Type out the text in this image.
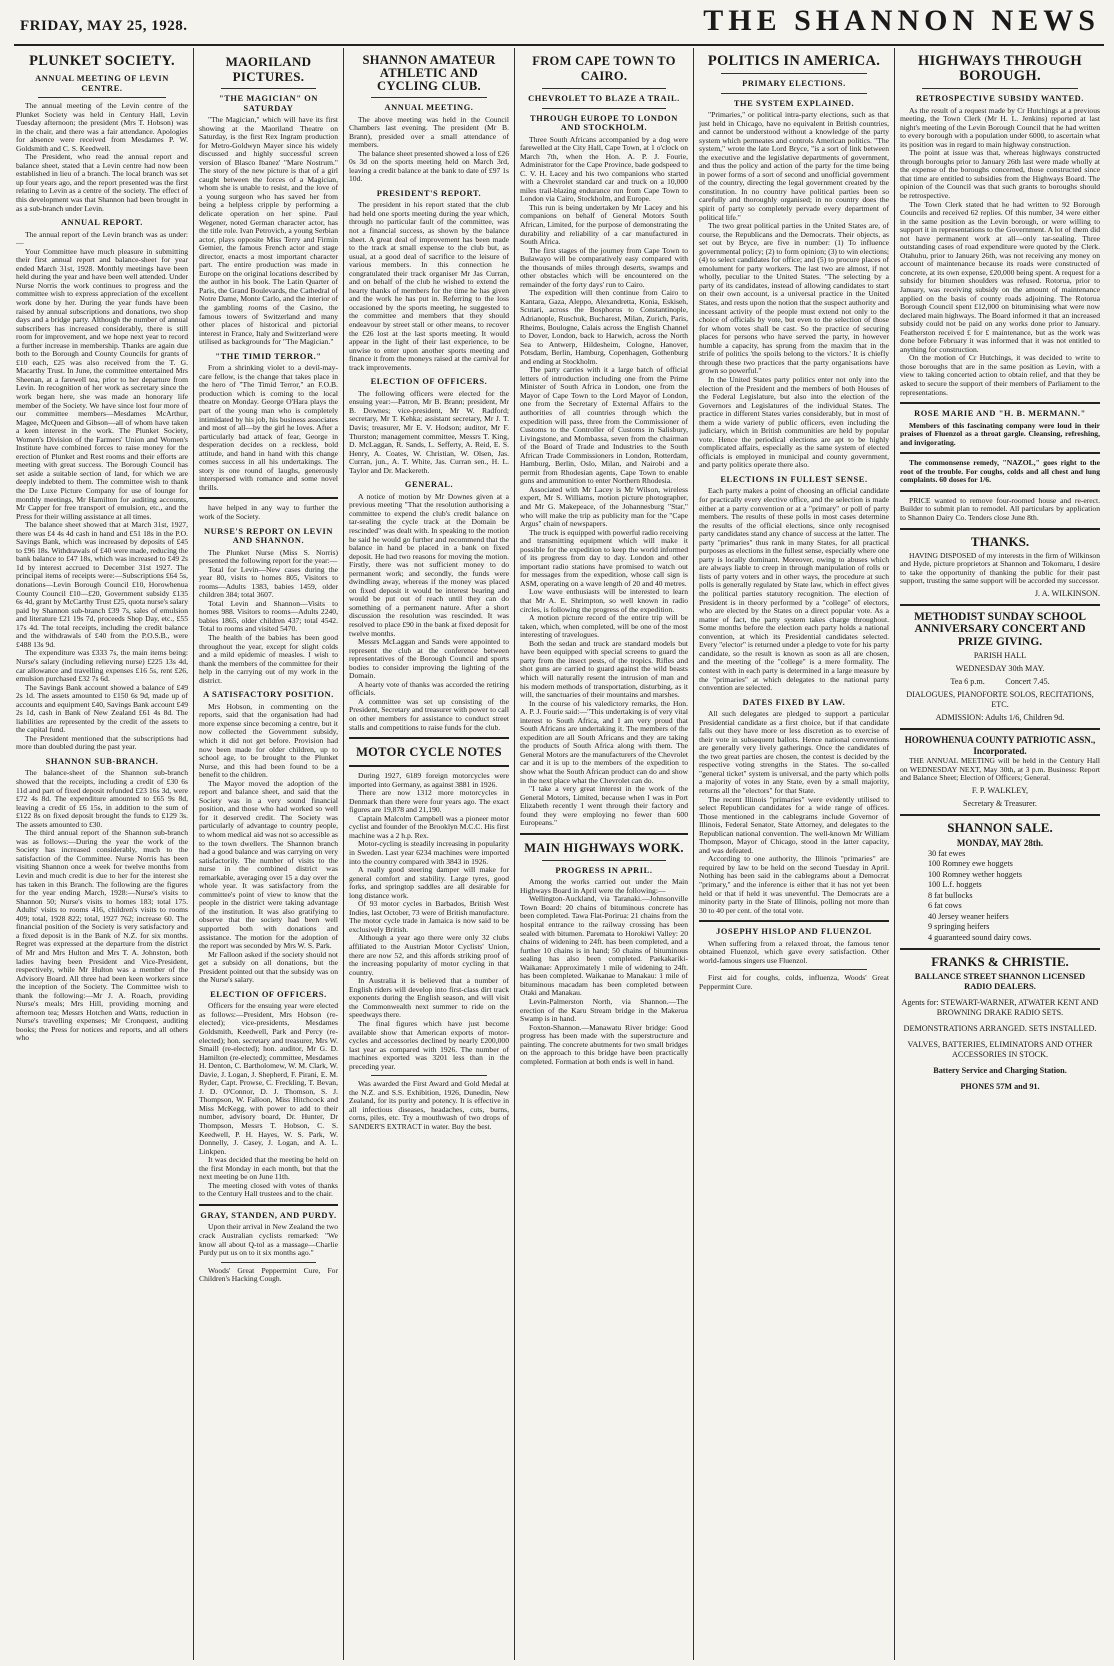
FRIDAY, MAY 25, 1928.	THE SHANNON NEWS
PLUNKET SOCIETY.
ANNUAL MEETING OF LEVIN CENTRE.

The annual meeting of the Levin centre of the Plunket Society was held in Century Hall, Levin Tuesday afternoon; the president (Mrs T. Hobson) was in the chair, and there was a fair attendance. Apologies for absence were received from Mesdames P. W. Goldsmith and C. S. Keedwell.

The President, who read the annual report and balance sheet, stated that a Levin centre had now been established in lieu of a branch. The local branch was set up four years ago, and the report presented was the first relating to Levin as a centre of the society. The effect of this development was that Shannon had been brought in as a sub-branch under Levin.

ANNUAL REPORT.

The annual report of the Levin branch was as under:—

Your Committee have much pleasure in submitting their first annual report and balance-sheet for year ended March 31st, 1928. Monthly meetings have been held during the year and have been well attended. Under Nurse Norris the work continues to progress and the committee wish to express appreciation of the excellent work done by her. During the year funds have been raised by annual subscriptions and donations, two shop days and a bridge party. Although the number of annual subscribers has increased considerably, there is still room for improvement, and we hope next year to record a further increase in membership. Thanks are again due both to the Borough and County Councils for grants of £10 each, £25 was also received from the T. G. Macarthy Trust. In June, the committee entertained Mrs Sheenan, at a farewell tea, prior to her departure from Levin. In recognition of her work as secretary since the work began here, she was made an honorary life member of the Society. We have since lost four more of our committee members—Mesdames McArthur, Magee, McQueen and Gibson—all of whom have taken a keen interest in the work. The Plunket Society, Women's Division of the Farmers' Union and Women's Institute have combined forces to raise money for the erection of Plunket and Rest rooms and their efforts are meeting with great success. The Borough Council has set aside a suitable section of land, for which we are deeply indebted to them. The committee wish to thank the De Luxe Picture Company for use of lounge for monthly meetings, Mr Hamilton for auditing accounts, Mr Capper for free transport of emulsion, etc., and the Press for their willing assistance at all times.

The balance sheet showed that at March 31st, 1927, there was £4 4s 4d cash in hand and £51 18s in the P.O. Savings Bank, which was increased by deposits of £45 to £96 18s. Withdrawals of £40 were made, reducing the bank balance to £47 18s, which was increased to £49 2s 1d by interest accrued to December 31st 1927. The principal items of receipts were:—Subscriptions £64 5s, donations—Levin Borough Council £10, Horowhenua County Council £10—£20, Government subsidy £135 6s 4d, grant by McCarthy Trust £25, quota nurse's salary paid by Shannon sub-branch £39 7s, sales of emulsion and literature £21 19s 7d, proceeds Shop Day, etc., £55 17s 4d. The total receipts, including the credit balance and the withdrawals of £40 from the P.O.S.B., were £488 13s 9d.

The expenditure was £333 7s, the main items being: Nurse's salary (including relieving nurse) £225 13s 4d, car allowance and travelling expenses £16 5s, rent £26, emulsion purchased £32 7s 6d.

The Savings Bank account showed a balance of £49 2s 1d. The assets amounted to £150 6s 9d, made up of accounts and equipment £40, Savings Bank account £49 2s 1d, cash in Bank of New Zealand £61 4s 8d. The liabilities are represented by the credit of the assets to the capital fund.

The President mentioned that the subscriptions had more than doubled during the past year.

SHANNON SUB-BRANCH.

The balance-sheet of the Shannon sub-branch showed that the receipts, including a credit of £30 6s 11d and part of fixed deposit refunded £23 16s 3d, were £72 4s 8d. The expenditure amounted to £65 9s 8d, leaving a credit of £6 15s, in addition to the sum of £122 8s on fixed deposit brought the funds to £129 3s. The assets amounted to £30.

The third annual report of the Shannon sub-branch was as follows:—During the year the work of the Society has increased considerably, much to the satisfaction of the Committee. Nurse Norris has been visiting Shannon once a week for twelve months from Levin and much credit is due to her for the interest she has taken in this Branch. The following are the figures for the year ending March, 1928:—Nurse's visits to Shannon 50; Nurse's visits to homes 183; total 175. Adults' visits to rooms 416, children's visits to rooms 409; total, 1928 822; total, 1927 762; increase 60. The financial position of the Society is very satisfactory and a fixed deposit is in the Bank of N.Z. for six months. Regret was expressed at the departure from the district of Mr and Mrs Hulton and Mrs T. A. Johnston, both ladies having been President and Vice-President, respectively, while Mr Hulton was a member of the Advisory Board. All three had been keen workers since the inception of the Society. The Committee wish to thank the following:—Mr J. A. Roach, providing Nurse's meals; Mrs Hill, providing morning and afternoon tea; Messrs Hotchen and Watts, reduction in Nurse's travelling expenses; Mr Cronquest, auditing books; the Press for notices and reports, and all others who

MAORILAND PICTURES.
"THE MAGICIAN" ON SATURDAY

"The Magician," which will have its first showing at the Maoriland Theatre on Saturday, is the first Rex Ingram production for Metro-Goldwyn Mayer since his widely discussed and highly successful screen version of Blasco Ibanez' "Mare Nostrum." The story of the new picture is that of a girl caught between the forces of a Magician, whom she is unable to resist, and the love of a young surgeon who has saved her from being a helpless cripple by performing a delicate operation on her spine. Paul Wegener, noted German character actor, has the title role. Ivan Petrovich, a young Serbian actor, plays opposite Miss Terry and Firmin Gemier, the famous French actor and stage director, enacts a most important character part. The entire production was made in Europe on the original locations described by the author in his book. The Latin Quarter of Paris, the Grand Boulevards, the Cathedral of Notre Dame, Monte Carlo, and the interior of the gambling rooms of the Casino, the famous towers of Switzerland and many other places of historical and pictorial interest in France, Italy and Switzerland were utilised as backgrounds for "The Magician."

"THE TIMID TERROR."

From a shrinking violet to a devil-may-care fellow, is the change that takes place in the hero of "The Timid Terror," an F.O.B. production which is coming to the local theatre on Monday. George O'Hara plays the part of the young man who is completely intimidated by his job, his business associates and most of all—by the girl he loves. After a particularly bad attack of fear, George in desperation decides on a reckless, bold attitude, and hand in hand with this change comes success in all his undertakings. The story is one round of laughs, generously interspersed with romance and some novel thrills.

have helped in any way to further the work of the Society.

NURSE'S REPORT ON LEVIN AND SHANNON.

The Plunket Nurse (Miss S. Norris) presented the following report for the year:—

Total for Levin—New cases during the year 80, visits to homes 805, Visitors to rooms—Adults 1383, babies 1459, older children 384; total 3607.

Total Levin and Shannon—Visits to homes 988. Visitors to rooms—Adults 2240, babies 1865, older children 437; total 4542. Total to rooms and visited 5470.

The health of the babies has been good throughout the year, except for slight colds and a mild epidemic of measles. I wish to thank the members of the committee for their help in the carrying out of my work in the district.

A SATISFACTORY POSITION.

Mrs Hobson, in commenting on the reports, said that the organisation had had more expense since becoming a centre, but it now collected the Government subsidy, which it did not get before. Provision had now been made for older children, up to school age, to be brought to the Plunket Nurse, and this had been found to be a benefit to the children.

The Mayor moved the adoption of the report and balance sheet, and said that the Society was in a very sound financial position, and those who had worked so well for it deserved credit. The Society was particularly of advantage to country people, to whom medical aid was not so accessible as to the town dwellers. The Shannon branch had a good balance and was carrying on very satisfactorily. The number of visits to the nurse in the combined district was remarkable, averaging over 15 a day over the whole year. It was satisfactory from the committee's point of view to know that the people in the district were taking advantage of the institution. It was also gratifying to observe that the society had been well supported both with donations and assistance. The motion for the adoption of the report was seconded by Mrs W. S. Park.

Mr Falloon asked if the society should not get a subsidy on all donations, but the President pointed out that the subsidy was on the Nurse's salary.

ELECTION OF OFFICERS.

Officers for the ensuing year were elected as follows:—President, Mrs Hobson (re-elected); vice-presidents, Mesdames Goldsmith, Keedwell, Park and Percy (re-elected); hon. secretary and treasurer, Mrs W. Smaill (re-elected); hon. auditor, Mr G. D. Hamilton (re-elected); committee, Mesdames H. Denton, C. Bartholomew, W. M. Clark, W. Davie, J. Logan, J. Shepherd, F. Pirani, E. M. Ryder, Capt. Prowse, C. Freckling, T. Bevan, J. D. O'Connor, D. J. Thomson, S. J. Thompson, W. Falloon, Miss Hitchcock and Miss McKegg, with power to add to their number, advisory board, Dr. Hunter, Dr Thompson, Messrs T. Hobson, C. S. Keedwell, P. H. Hayes, W. S. Park, W. Donnelly, J. Casey, J. Logan, and A. L. Linkpen.

It was decided that the meeting be held on the first Monday in each month, but that the next meeting be on June 11th.

The meeting closed with votes of thanks to the Century Hall trustees and to the chair.

GRAY, STANDEN, AND PURDY.

Upon their arrival in New Zealand the two crack Australian cyclists remarked: "We know all about Q-tol as a massage—Charlie Purdy put us on to it six months ago."

Woods' Great Peppermint Cure, For Children's Hacking Cough.

SHANNON AMATEUR ATHLETIC AND CYCLING CLUB.
ANNUAL MEETING.

The above meeting was held in the Council Chambers last evening. The president (Mr B. Brann), presided over a small attendance of members.

The balance sheet presented showed a loss of £26 0s 3d on the sports meeting held on March 3rd, leaving a credit balance at the bank to date of £97 1s 10d.

PRESIDENT'S REPORT.

The president in his report stated that the club had held one sports meeting during the year which, through no particular fault of the committee, was not a financial success, as shown by the balance sheet. A great deal of improvement has been made to the track at small expense to the club but, as usual, at a good deal of sacrifice to the leisure of various members. In this connection he congratulated their track organiser Mr Jas Curran, and on behalf of the club he wished to extend the hearty thanks of members for the time he has given and the work he has put in. Referring to the loss occasioned by the sports meeting, he suggested to the committee and members that they should endeavour by street stall or other means, to recover the £26 lost at the last sports meeting. It would appear in the light of their last experience, to be unwise to enter upon another sports meeting and finance it from the moneys raised at the carnival for track improvements.

ELECTION OF OFFICERS.

The following officers were elected for the ensuing year:—Patron, Mr B. Brann; president, Mr B. Downes; vice-president, Mr W. Radford; secretary, Mr T. Kehka; assistant secretary, Mr J. T. Davis; treasurer, Mr E. V. Hodson; auditor, Mr F. Thurston; management committee, Messrs T. King, D. McLaggan, R. Sands, L. Sefferty, A. Reid, E. S. Henry, A. Coates, W. Christian, W. Olsen, Jas. Curran, jun., A. T. White, Jas. Curran sen., H. L. Taylor and Dr. Mackereth.

GENERAL.

A notice of motion by Mr Downes given at a previous meeting "That the resolution authorising a committee to expend the club's credit balance on tar-sealing the cycle track at the Domain be rescinded" was dealt with. In speaking to the motion he said he would go further and recommend that the balance in hand be placed in a bank on fixed deposit. He had two reasons for moving the motion. Firstly, there was not sufficient money to do permanent work; and secondly, the funds were dwindling away, whereas if the money was placed on fixed deposit it would be interest bearing and would be put out of reach until they can do something of a permanent nature. After a short discussion the resolution was rescinded. It was resolved to place £90 in the bank at fixed deposit for twelve months.

Messrs McLaggan and Sands were appointed to represent the club at the conference between representatives of the Borough Council and sports bodies to consider improving the lighting of the Domain.

A hearty vote of thanks was accorded the retiring officials.

A committee was set up consisting of the President, Secretary and treasurer with power to call on other members for assistance to conduct street stalls and competitions to raise funds for the club.

MOTOR CYCLE NOTES

During 1927, 6189 foreign motorcycles were imported into Germany, as against 3881 in 1926.

There are now 1312 more motorcycles in Denmark than there were four years ago. The exact figures are 19,878 and 21,190.

Captain Malcolm Campbell was a pioneer motor cyclist and founder of the Brooklyn M.C.C. His first machine was a 2 h.p. Rex.

Motor-cycling is steadily increasing in popularity in Sweden. Last year 6234 machines were imported into the country compared with 3843 in 1926.

A really good steering damper will make for general comfort and stability. Large tyres, good forks, and springtop saddles are all desirable for long distance work.

Of 93 motor cycles in Barbados, British West Indies, last October, 73 were of British manufacture. The motor cycle trade in Jamaica is now said to be exclusively British.

Although a year ago there were only 32 clubs affiliated to the Austrian Motor Cyclists' Union, there are now 52, and this affords striking proof of the increasing popularity of motor cycling in that country.

In Australia it is believed that a number of English riders will develop into first-class dirt track exponents during the English season, and will visit the Commonwealth next summer to ride on the speedways there.

The final figures which have just become available show that American exports of motor-cycles and accessories declined by nearly £200,000 last year as compared with 1926. The number of machines exported was 3201 less than in the preceding year.

Was awarded the First Award and Gold Medal at the N.Z. and S.S. Exhibition, 1926, Dunedin, New Zealand, for its purity and potency. It is effective in all infectious diseases, headaches, cuts, burns, corns, piles, etc. Try a mouthwash of two drops of SANDER'S EXTRACT in water. Buy the best.

FROM CAPE TOWN TO CAIRO.
CHEVROLET TO BLAZE A TRAIL.
THROUGH EUROPE TO LONDON AND STOCKHOLM.

Three South Africans accompanied by a dog were farewelled at the City Hall, Cape Town, at 1 o'clock on March 7th, when the Hon. A. P. J. Fourie, Administrator for the Cape Province, bade godspeed to C. V. H. Lacey and his two companions who started with a Chevrolet standard car and truck on a 10,000 miles trail-blazing endurance run from Cape Town to London via Cairo, Stockholm, and Europe.

This run is being undertaken by Mr Lacey and his companions on behalf of General Motors South African, Limited, for the purpose of demonstrating the durability and reliability of a car manufactured in South Africa.

The first stages of the journey from Cape Town to Bulawayo will be comparatively easy compared with the thousands of miles through deserts, swamps and other obstacles which will be encountered on the remainder of the forty days' run to Cairo.

The expedition will then continue from Cairo to Kantara, Gaza, Aleppo, Alexandretta, Konia, Eskiseh, Scutari, across the Bosphorus to Constantinople, Adrianople, Ruschuk, Bucharest, Milan, Zurich, Paris, Rheims, Boulogne, Calais across the English Channel to Dover, London, back to Harwich, across the North Sea to Antwerp, Hildesheim, Cologne, Hanover, Potsdam, Berlin, Hamburg, Copenhagen, Gothenburg and ending at Stockholm.

The party carries with it a large batch of official letters of introduction including one from the Prime Minister of South Africa in London, one from the Mayor of Cape Town to the Lord Mayor of London, one from the Secretary of External Affairs to the authorities of all countries through which the expedition will pass, three from the Commissioner of Customs to the Controller of Customs in Salisbury, Livingstone, and Mombassa, seven from the chairman of the Board of Trade and Industries to the South African Trade Commissioners in London, Rotterdam, Hamburg, Berlin, Oslo, Milan, and Nairobi and a permit from Rhodesian agents, Cape Town to enable guns and ammunition to enter Northern Rhodesia.

Associated with Mr Lacey is Mr Wilson, wireless expert, Mr S. Williams, motion picture photographer, and Mr G. Makepeace, of the Johannesburg "Star," who will make the trip as publicity man for the "Cape Argus" chain of newspapers.

The truck is equipped with powerful radio receiving and transmitting equipment which will make it possible for the expedition to keep the world informed of its progress from day to day. London and other important radio stations have promised to watch out for messages from the expedition, whose call sign is ASM, operating on a wave length of 20 and 40 metres.

Low wave enthusiasts will be interested to learn that Mr A. E. Shrimpton, so well known in radio circles, is following the progress of the expedition.

A motion picture record of the entire trip will be taken, which, when completed, will be one of the most interesting of travelogues.

Both the sedan and truck are standard models but have been equipped with special screens to guard the party from the insect pests, of the tropics. Rifles and shot guns are carried to guard against the wild beasts which will naturally resent the intrusion of man and his modern methods of transportation, disturbing, as it will, the sanctuaries of their mountains and marshes.

In the course of his valedictory remarks, the Hon. A. P. J. Fourie said:—"This undertaking is of very vital interest to South Africa, and I am very proud that South Africans are undertaking it. The members of the expedition are all South Africans and they are taking the products of South Africa along with them. The General Motors are the manufacturers of the Chevrolet car and it is up to the members of the expedition to show what the South African product can do and show in the next place what the Chevrolet can do.

"I take a very great interest in the work of the General Motors, Limited, because when I was in Port Elizabeth recently I went through their factory and found they were employing no fewer than 600 Europeans."

MAIN HIGHWAYS WORK.
PROGRESS IN APRIL.

Among the works carried out under the Main Highways Board in April were the following:—

Wellington-Auckland, via Taranaki.—Johnsonville Town Board: 20 chains of bituminous concrete has been completed. Tawa Flat-Porirua: 21 chains from the hospital entrance to the railway crossing has been sealed with bitumen. Paremata to Horokiwi Valley: 20 chains of widening to 24ft. has been completed, and a further 10 chains is in hand; 50 chains of bituminous sealing has also been completed. Paekakariki-Waikanae: Approximately 1 mile of widening to 24ft. has been completed. Waikanae to Manakau: 1 mile of bituminous macadam has been completed between Otaki and Manakau.

Levin-Palmerston North, via Shannon.—The erection of the Karu Stream bridge in the Makerua Swamp is in hand.

Foxton-Shannon.—Manawatu River bridge: Good progress has been made with the superstructure and painting. The concrete abutments for two small bridges on the approach to this bridge have been practically completed. Formation at both ends is well in hand.

POLITICS IN AMERICA.
PRIMARY ELECTIONS.
THE SYSTEM EXPLAINED.

"Primaries," or political intra-party elections, such as that just held in Chicago, have no equivalent in British countries, and cannot be understood without a knowledge of the party system which permeates and controls American politics. "The system," wrote the late Lord Bryce, "is a sort of link between the executive and the legislative departments of government, and thus the policy and action of the party for the time being in power forms of a sort of second and unofficial government of the country, directing the legal government created by the constitution. In no country have political parties been so carefully and thoroughly organised; in no country does the spirit of party so completely pervade every department of political life."

The two great political parties in the United States are, of course, the Republicans and the Democrats. Their objects, as set out by Bryce, are five in number: (1) To influence governmental policy; (2) to form opinion; (3) to win elections; (4) to select candidates for office; and (5) to procure places of emolument for party workers. The last two are almost, if not wholly, peculiar to the United States. "The selecting by a party of its candidates, instead of allowing candidates to start on their own account, is a universal practice in the United States, and rests upon the notion that the suspect authority and incessant activity of the people must extend not only to the choice of officials by vote, but even to the selection of those for whom votes shall be cast. So the practice of securing places for persons who have served the party, in however humble a capacity, has sprung from the maxim that in the strife of politics 'the spoils belong to the victors.' It is chiefly through these two practices that the party organisations have grown so powerful."

In the United States party politics enter not only into the election of the President and the members of both Houses of the Federal Legislature, but also into the election of the Governors and Legislatures of the individual States. The practice in different States varies considerably, but in most of them a wide variety of public officers, even including the judiciary, which in British communities are held by popular vote. Hence the periodical elections are apt to be highly complicated affairs, especially as the same system of elected officials is employed in municipal and county government, and party politics operate there also.

ELECTIONS IN FULLEST SENSE.

Each party makes a point of choosing an official candidate for practically every elective office, and the selection is made either at a party convention or at a "primary" or poll of party members. The results of these polls in most cases determine the results of the official elections, since only recognised party candidates stand any chance of success at the latter. The party "primaries" thus rank in many States, for all practical purposes as elections in the fullest sense, especially where one party is locally dominant. Moreover, owing to abuses which are always liable to creep in through manipulation of rolls or lists of party voters and in other ways, the procedure at such polls is generally regulated by State law, which in effect gives the political parties statutory recognition. The election of President is in theory performed by a "college" of electors, who are elected by the States on a direct popular vote. As a matter of fact, the party system takes charge throughout. Some months before the election each party holds a national convention, at which its Presidential candidates selected. Every "elector" is returned under a pledge to vote for his party candidate, so the result is known as soon as all are chosen, and the meeting of the "college" is a mere formality. The contest with in each party is determined in a large measure by the "primaries" at which delegates to the national party convention are selected.

DATES FIXED BY LAW.

All such delegates are pledged to support a particular Presidential candidate as a first choice, but if that candidate falls out they have more or less discretion as to exercise of their vote in subsequent ballots. Hence national conventions are generally very lively gatherings. Once the candidates of the two great parties are chosen, the contest is decided by the respective voting strengths in the States. The so-called "general ticket" system is universal, and the party which polls a majority of votes in any State, even by a small majority, returns all the "electors" for that State.

The recent Illinois "primaries" were evidently utilised to select Republican candidates for a wide range of offices. Those mentioned in the cablegrams include Governor of Illinois, Federal Senator, State Attorney, and delegates to the Republican national convention. The well-known Mr William Thompson, Mayor of Chicago, stood in the latter capacity, and was defeated.

According to one authority, the Illinois "primaries" are required by law to be held on the second Tuesday in April. Nothing has been said in the cablegrams about a Democrat "primary," and the inference is either that it has not yet been held or that if held it was uneventful. The Democrats are a minority party in the State of Illinois, polling not more than 30 to 40 per cent. of the total vote.

JOSEPHY HISLOP AND FLUENZOL

When suffering from a relaxed throat, the famous tenor obtained Fluenzol, which gave every satisfaction. Other world-famous singers use Fluenzol.

First aid for coughs, colds, influenza, Woods' Great Peppermint Cure.

HIGHWAYS THROUGH BOROUGH.
RETROSPECTIVE SUBSIDY WANTED.

As the result of a request made by Cr Hutchings at a previous meeting, the Town Clerk (Mr H. L. Jenkins) reported at last night's meeting of the Levin Borough Council that he had written to every borough with a population under 6000, to ascertain what its position was in regard to main highway construction.

The point at issue was that, whereas highways constructed through boroughs prior to January 26th last were made wholly at the expense of the boroughs concerned, those constructed since that time are entitled to subsidies from the Highways Board. The opinion of the Council was that such grants to boroughs should be retrospective.

The Town Clerk stated that he had written to 92 Borough Councils and received 62 replies. Of this number, 34 were either in the same position as the Levin borough, or were willing to support it in representations to the Government. A lot of them did not have permanent work at all—only tar-sealing. Three outstanding cases of road expenditure were quoted by the Clerk. Otahuhu, prior to January 26th, was not receiving any money on account of maintenance because its roads were constructed of concrete, at its own expense, £20,000 being spent. A request for a subsidy for bitumen shoulders was refused. Rotorua, prior to January, was receiving subsidy on the amount of maintenance applied on the basis of county roads adjoining. The Rotorua Borough Council spent £12,000 on bituminising what were now declared main highways. The Board informed it that an increased subsidy could not be paid on any works done prior to January. Featherston received £ for £ maintenance, but as the work was done before February it was informed that it was not entitled to anything for construction.

On the motion of Cr Hutchings, it was decided to write to those boroughs that are in the same position as Levin, with a view to taking concerted action to obtain relief, and that they be asked to secure the support of their members of Parliament to the representations.

ROSE MARIE AND "H. B. MERMANN."

Members of this fascinating company were loud in their praises of Fluenzol as a throat gargle. Cleansing, refreshing, and invigorating.

The commonsense remedy, "NAZOL," goes right to the root of the trouble. For coughs, colds and all chest and lung complaints. 60 doses for 1/6.

PRICE wanted to remove four-roomed house and re-erect. Builder to submit plan to remodel. All particulars by application to Shannon Dairy Co. Tenders close June 8th.

THANKS.

HAVING DISPOSED of my interests in the firm of Wilkinson and Hyde, picture proprietors at Shannon and Tokomaru, I desire to take the opportunity of thanking the public for their past support, trusting the same support will be accorded my successor.

J. A. WILKINSON.
METHODIST SUNDAY SCHOOL ANNIVERSARY CONCERT AND PRIZE GIVING.
PARISH HALL
WEDNESDAY 30th MAY.
Tea 6 p.m.          Concert 7.45.
DIALOGUES, PIANOFORTE SOLOS, RECITATIONS, ETC.
ADMISSION: Adults 1/6, Children 9d.
HOROWHENUA COUNTY PATRIOTIC ASSN., Incorporated.

THE ANNUAL MEETING will be held in the Century Hall on WEDNESDAY NEXT, May 30th, at 3 p.m. Business: Report and Balance Sheet; Election of Officers; General.

F. P. WALKLEY,
Secretary & Treasurer.
SHANNON SALE.
MONDAY, MAY 28th.
30 fat ewes
100 Romney ewe hoggets
100 Romney wether hoggets
100 L.f. hoggets
8 fat bullocks
6 fat cows
40 Jersey weaner heifers
9 springing heifers
4 guaranteed sound dairy cows.
FRANKS & CHRISTIE.
BALLANCE STREET SHANNON LICENSED RADIO DEALERS.
Agents for: STEWART-WARNER, ATWATER KENT AND BROWNING DRAKE RADIO SETS.
DEMONSTRATIONS ARRANGED. SETS INSTALLED.
VALVES, BATTERIES, ELIMINATORS AND OTHER ACCESSORIES IN STOCK.
Battery Service and Charging Station.
PHONES 57M and 91.
